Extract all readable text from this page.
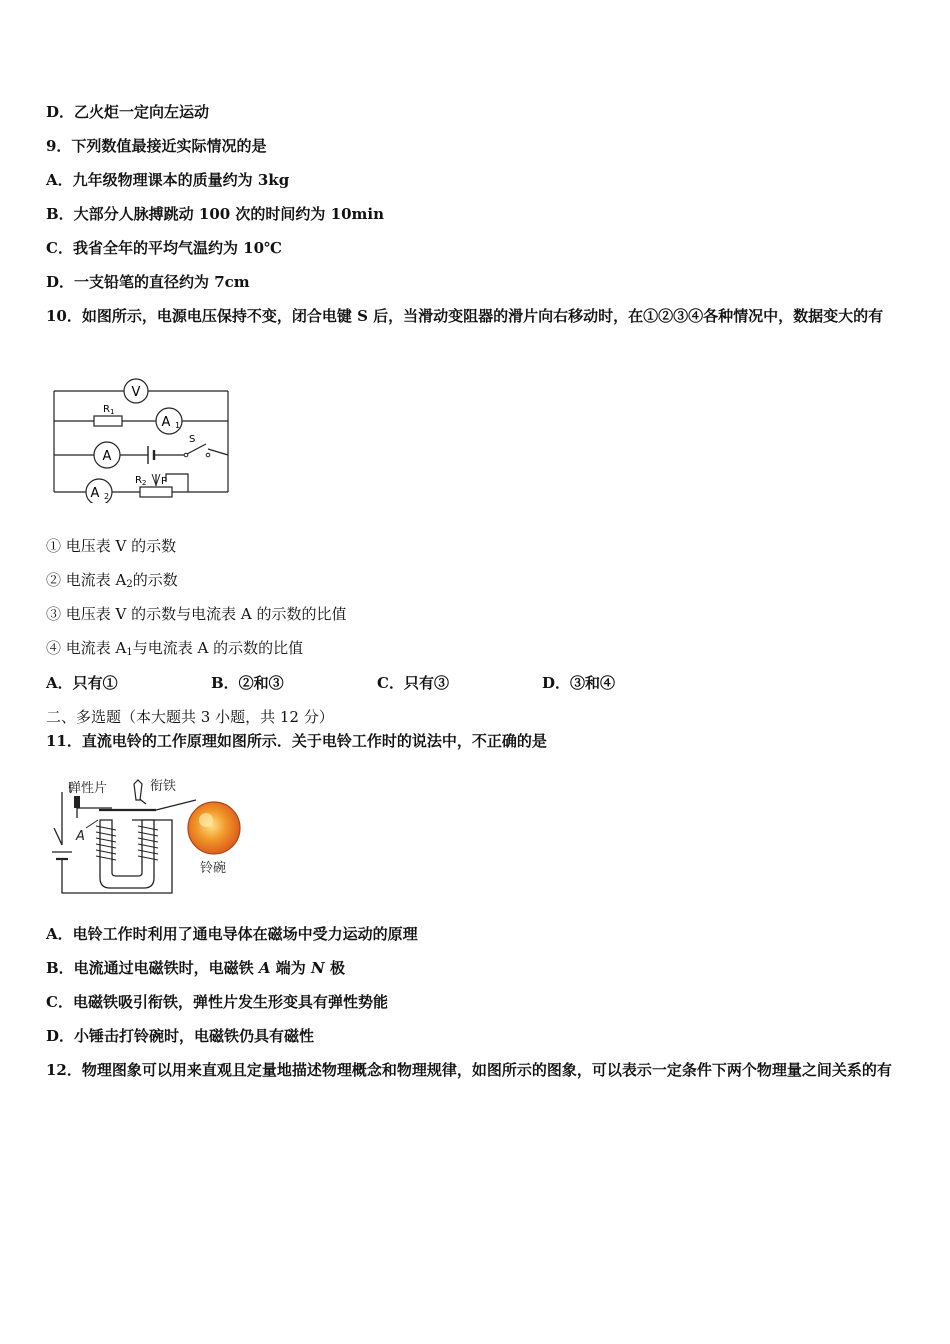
D．乙火炬一定向左运动
9．下列数值最接近实际情况的是
A．九年级物理课本的质量约为 3kg
B．大部分人脉搏跳动 100 次的时间约为 10min
C．我省全年的平均气温约为 10℃
D．一支铅笔的直径约为 7cm
10．如图所示，电源电压保持不变，闭合电键 S 后，当滑动变阻器的滑片向右移动时，在①②③④各种情况中，数据变大的有
V
R 1
A 1
A
S
A 2
R 2 P
① 电压表 V 的示数
② 电流表 $A_2$的示数
③ 电压表 V 的示数与电流表 A 的示数的比值
④ 电流表 $A_1$与电流表 A 的示数的比值
A．只有①	B．②和③	C．只有③	D．③和④
二、多选题（本大题共 3 小题，共 12 分）
11．直流电铃的工作原理如图所示．关于电铃工作时的说法中，不正确的是
弹性片	衔铁
铃碗
A
A．电铃工作时利用了通电导体在磁场中受力运动的原理
B．电流通过电磁铁时，电磁铁 A 端为 N 极
C．电磁铁吸引衔铁，弹性片发生形变具有弹性势能
D．小锤击打铃碗时，电磁铁仍具有磁性
12．物理图象可以用来直观且定量地描述物理概念和物理规律，如图所示的图象，可以表示一定条件下两个物理量之间关系的有
